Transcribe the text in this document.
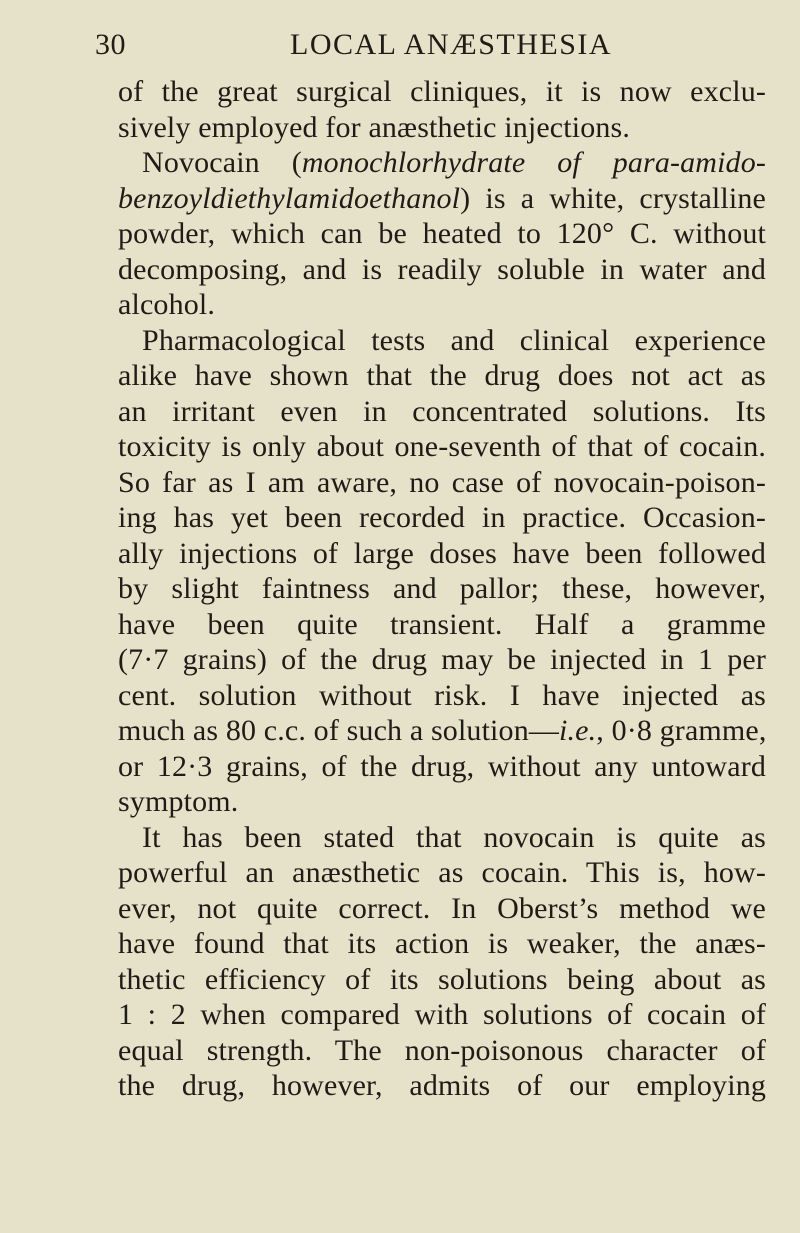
30	LOCAL ANÆSTHESIA
of the great surgical cliniques, it is now exclu-
sively employed for anæsthetic injections.
Novocain (monochlorhydrate of para-amido-
benzoyldiethylamidoethanol) is a white, crystalline
powder, which can be heated to 120° C. without
decomposing, and is readily soluble in water and
alcohol.
Pharmacological tests and clinical experience
alike have shown that the drug does not act as
an irritant even in concentrated solutions. Its
toxicity is only about one-seventh of that of cocain.
So far as I am aware, no case of novocain-poison-
ing has yet been recorded in practice. Occasion-
ally injections of large doses have been followed
by slight faintness and pallor; these, however,
have been quite transient. Half a gramme
(7·7 grains) of the drug may be injected in 1 per
cent. solution without risk. I have injected as
much as 80 c.c. of such a solution—i.e., 0·8 gramme,
or 12·3 grains, of the drug, without any untoward
symptom.
It has been stated that novocain is quite as
powerful an anæsthetic as cocain. This is, how-
ever, not quite correct. In Oberst’s method we
have found that its action is weaker, the anæs-
thetic efficiency of its solutions being about as
1 : 2 when compared with solutions of cocain of
equal strength. The non-poisonous character of
the drug, however, admits of our employing
